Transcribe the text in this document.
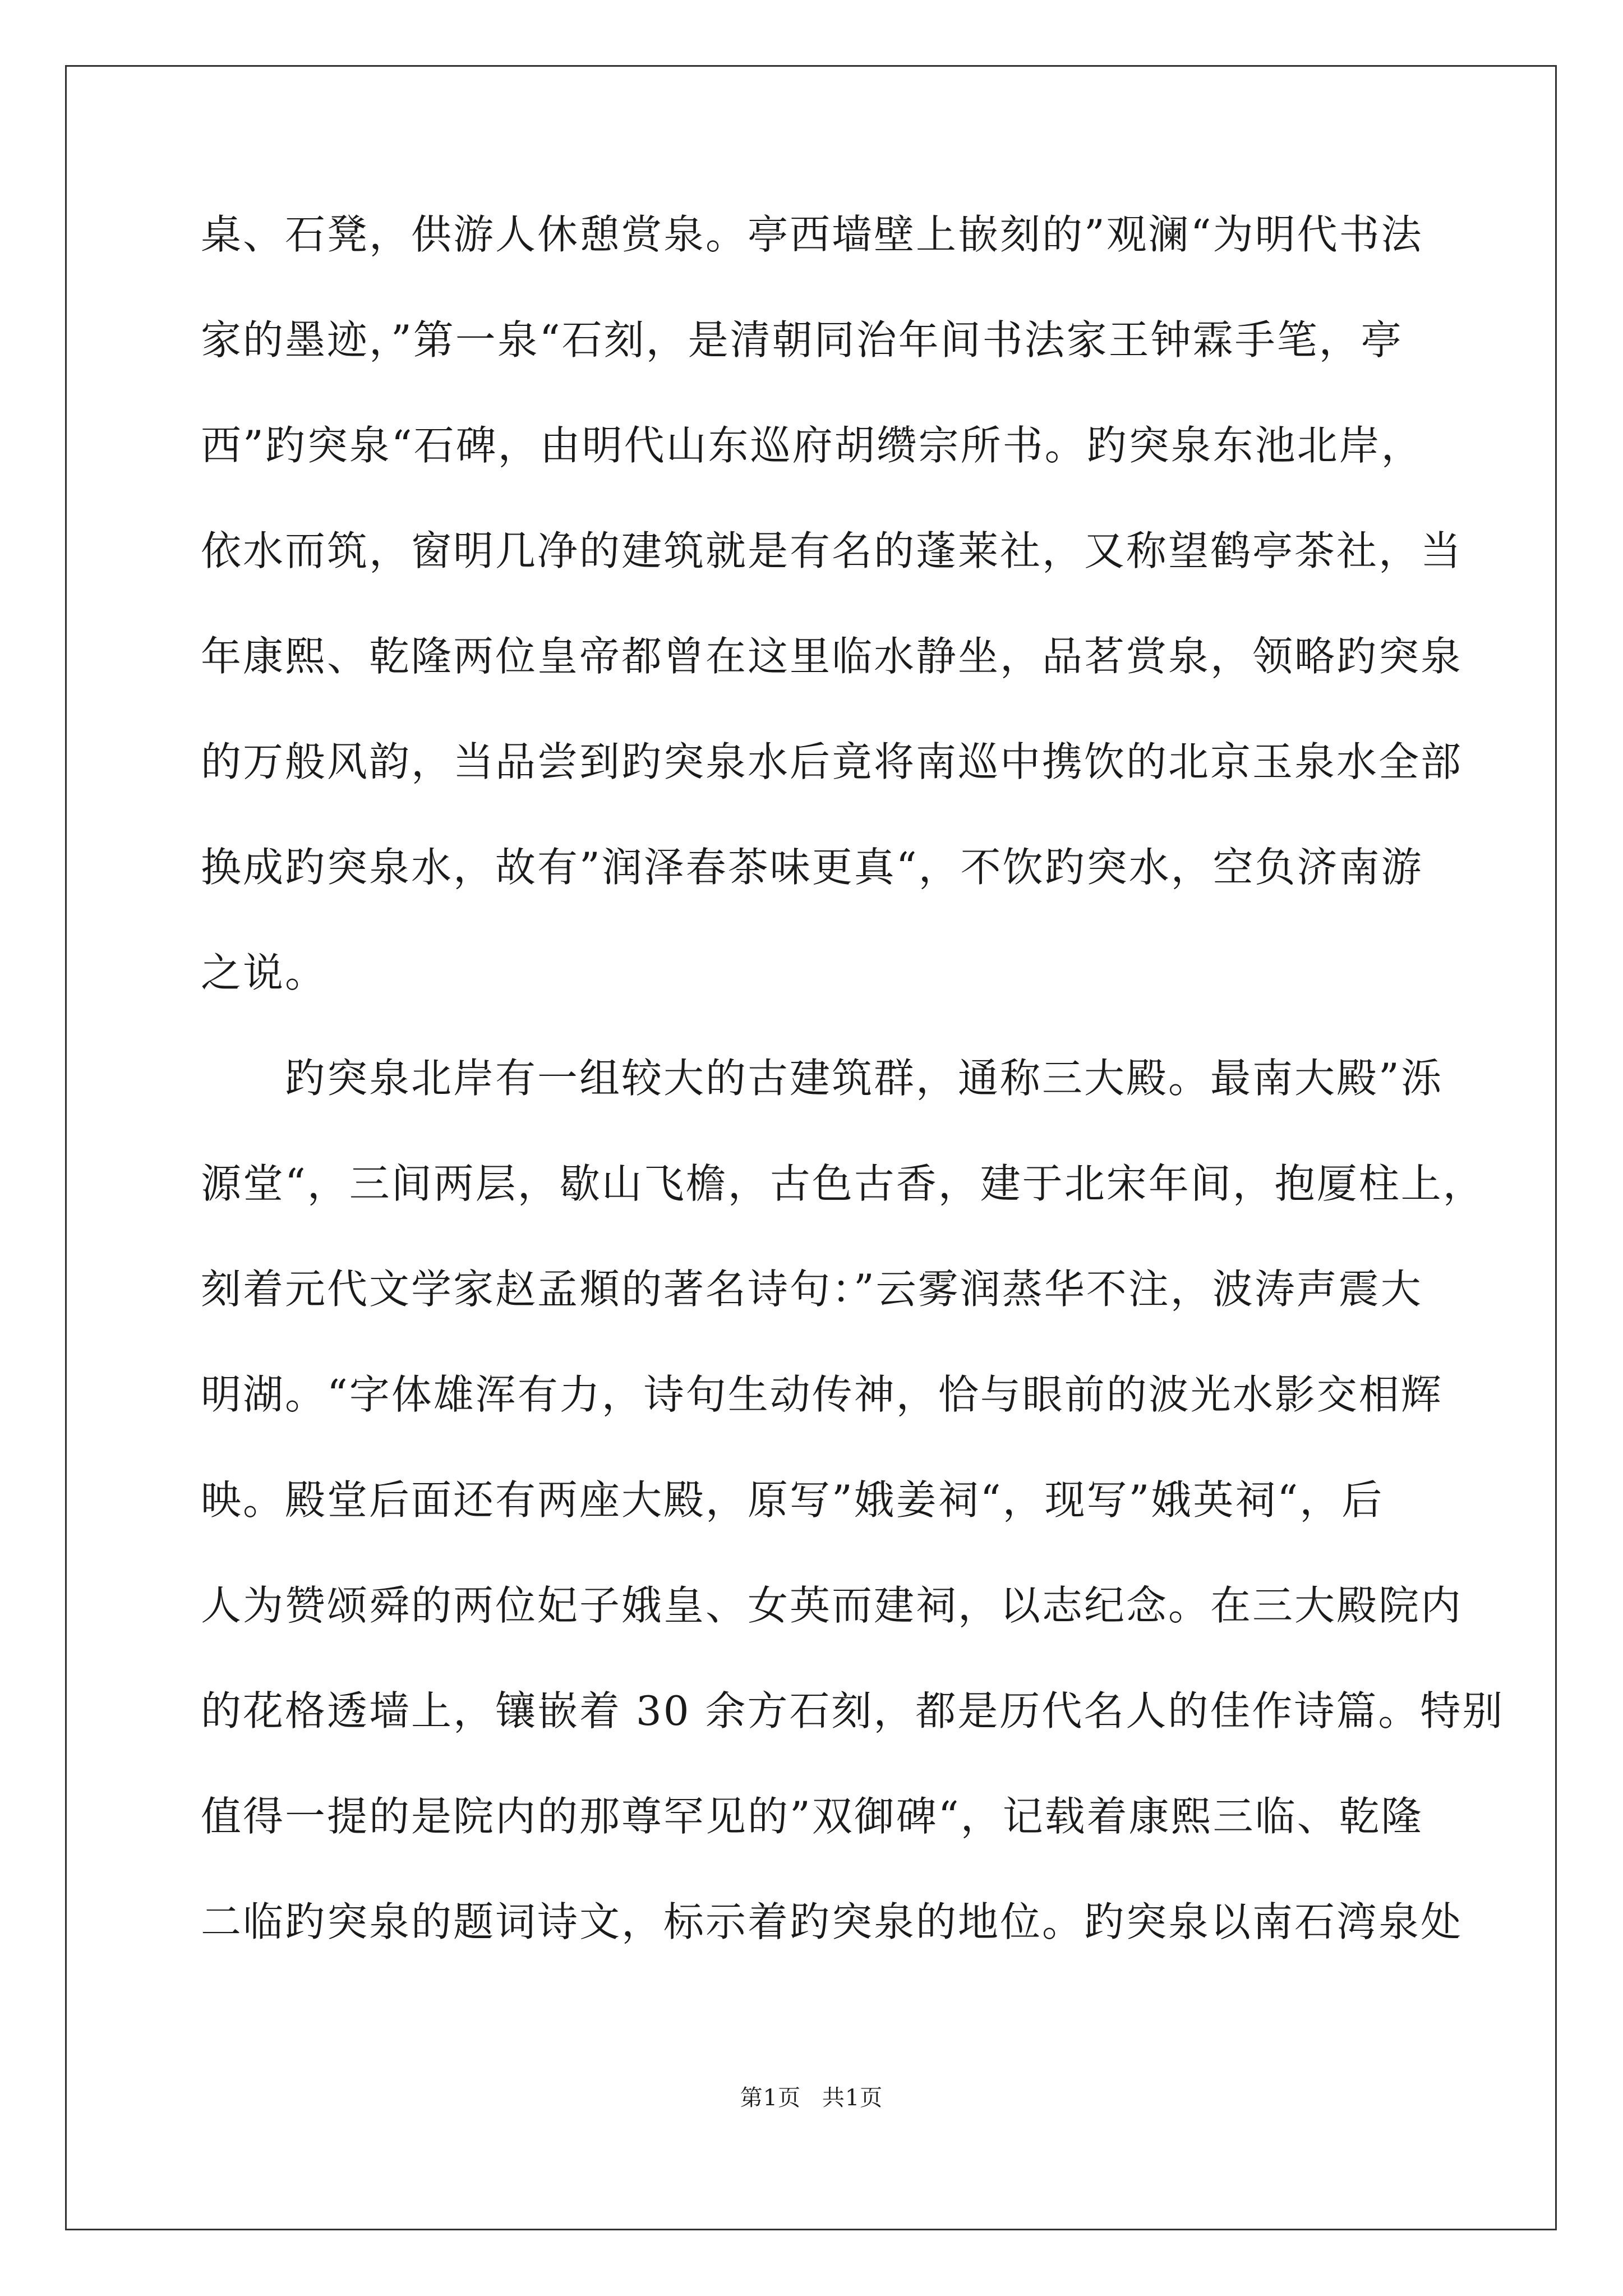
桌、石凳，供游人休憩赏泉。亭西墙壁上嵌刻的”观澜“为明代书法
家的墨迹，”第一泉“石刻，是清朝同治年间书法家王钟霖手笔，亭
西”趵突泉“石碑，由明代山东巡府胡缵宗所书。趵突泉东池北岸，
依水而筑，窗明几净的建筑就是有名的蓬莱社，又称望鹤亭茶社，当
年康熙、乾隆两位皇帝都曾在这里临水静坐，品茗赏泉，领略趵突泉
的万般风韵，当品尝到趵突泉水后竟将南巡中携饮的北京玉泉水全部
换成趵突泉水，故有”润泽春茶味更真“，不饮趵突水，空负济南游
之说。
趵突泉北岸有一组较大的古建筑群，通称三大殿。最南大殿”泺
源堂“，三间两层，歇山飞檐，古色古香，建于北宋年间，抱厦柱上，
刻着元代文学家赵孟頫的著名诗句：”云雾润蒸华不注，波涛声震大
明湖。“字体雄浑有力，诗句生动传神，恰与眼前的波光水影交相辉
映。殿堂后面还有两座大殿，原写”娥姜祠“，现写”娥英祠“，后
人为赞颂舜的两位妃子娥皇、女英而建祠，以志纪念。在三大殿院内
的花格透墙上，镶嵌着 30 余方石刻，都是历代名人的佳作诗篇。特别
值得一提的是院内的那尊罕见的”双御碑“，记载着康熙三临、乾隆
二临趵突泉的题词诗文，标示着趵突泉的地位。趵突泉以南石湾泉处
第1页 共1页
